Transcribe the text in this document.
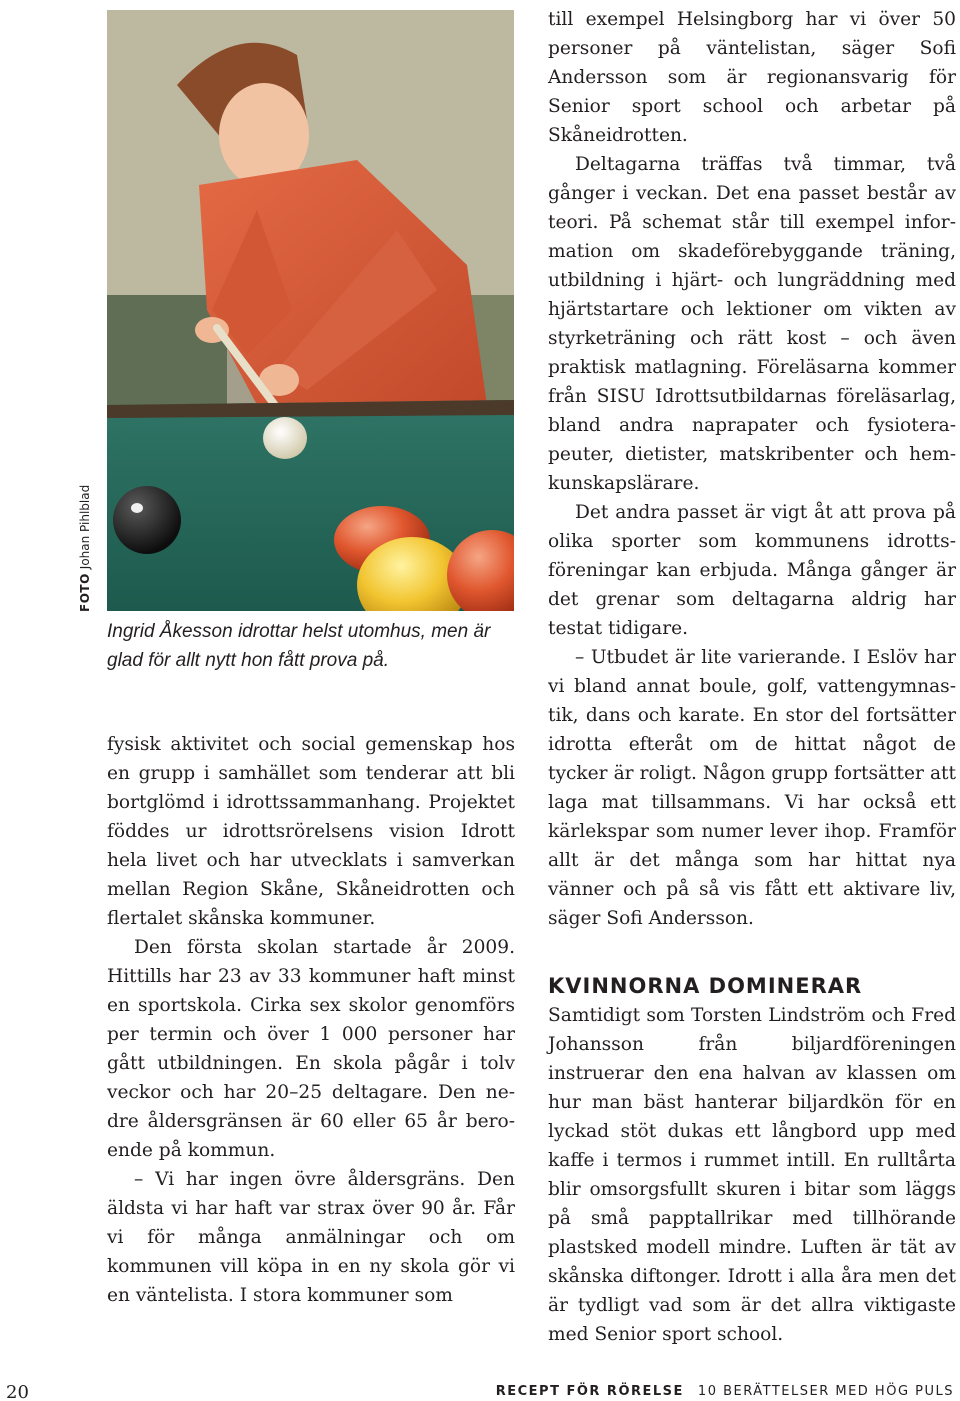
FOTOJohan Pihlblad
Ingrid Åkesson idrottar helst utomhus, men är glad för allt nytt hon fått prova på.

fysisk aktivitet och social gemenskap hos en grupp i samhället som tenderar att bli bortglömd i idrottssammanhang. Projektet föddes ur idrottsrörelsens vision Idrott hela livet och har utvecklats i samverkan mellan Region Skåne, Skåneidrotten och flertalet skånska kommuner.

Den första skolan startade år 2009. Hittills har 23 av 33 kommuner haft minst en sportskola. Cirka sex skolor genomförs per termin och över 1 000 personer har gått utbildningen. En skola pågår i tolv veckor och har 20–25 deltagare. Den nedre åldersgränsen är 60 eller 65 år beroende på kommun.

– Vi har ingen övre åldersgräns. Den äldsta vi har haft var strax över 90 år. Får vi för många anmälningar och om kommunen vill köpa in en ny skola gör vi en väntelista. I stora kommuner som

till exempel Helsingborg har vi över 50 personer på väntelistan, säger Sofi Andersson som är regionansvarig för Senior sport school och arbetar på Skåneidrotten.

Deltagarna träffas två timmar, två gånger i veckan. Det ena passet består av teori. På schemat står till exempel information om skadeförebyggande träning, utbildning i hjärt- och lungräddning med hjärtstartare och lektioner om vikten av styrketräning och rätt kost – och även praktisk matlagning. Föreläsarna kommer från SISU Idrottsutbildarnas föreläsarlag, bland andra naprapater och fysioterapeuter, dietister, matskribenter och hemkunskapslärare.

Det andra passet är vigt åt att prova på olika sporter som kommunens idrottsföreningar kan erbjuda. Många gånger är det grenar som deltagarna aldrig har testat tidigare.

– Utbudet är lite varierande. I Eslöv har vi bland annat boule, golf, vattengymnastik, dans och karate. En stor del fortsätter idrotta efteråt om de hittat något de tycker är roligt. Någon grupp fortsätter att laga mat tillsammans. Vi har också ett kärlekspar som numer lever ihop. Framför allt är det många som har hittat nya vänner och på så vis fått ett aktivare liv, säger Sofi Andersson.

KVINNORNA DOMINERAR

Samtidigt som Torsten Lindström och Fred Johansson från biljardföreningen instruerar den ena halvan av klassen om hur man bäst hanterar biljardkön för en lyckad stöt dukas ett långbord upp med kaffe i termos i rummet intill. En rulltårta blir omsorgsfullt skuren i bitar som läggs på små papptallrikar med tillhörande plastsked modell mindre. Luften är tät av skånska diftonger. Idrott i alla åra men det är tydligt vad som är det allra viktigaste med Senior sport school.

20	RECEPT FÖR RÖRELSE 10 BERÄTTELSER MED HÖG PULS
